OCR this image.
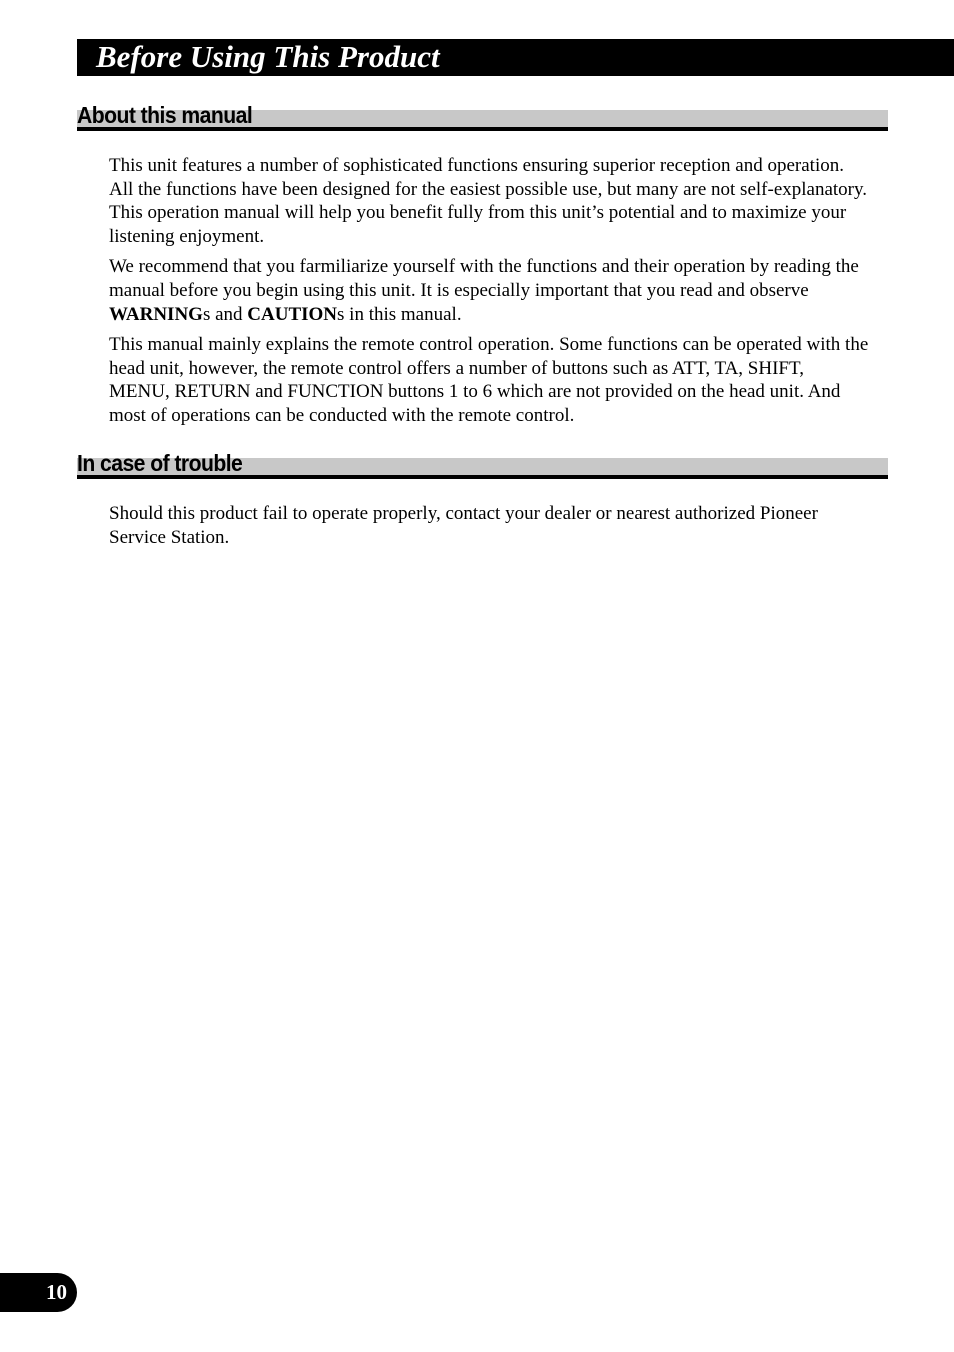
Before Using This Product
About this manual

This unit features a number of sophisticated functions ensuring superior reception and operation. All the functions have been designed for the easiest possible use, but many are not self-explanatory. This operation manual will help you benefit fully from this unit’s potential and to maximize your listening enjoyment.

We recommend that you farmiliarize yourself with the functions and their operation by reading the manual before you begin using this unit. It is especially important that you read and observe WARNINGs and CAUTIONs in this manual.

This manual mainly explains the remote control operation. Some functions can be operated with the head unit, however, the remote control offers a number of buttons such as ATT, TA, SHIFT, MENU, RETURN and FUNCTION buttons 1 to 6 which are not provided on the head unit. And most of operations can be conducted with the remote control.

In case of trouble

Should this product fail to operate properly, contact your dealer or nearest authorized Pioneer Service Station.

10
